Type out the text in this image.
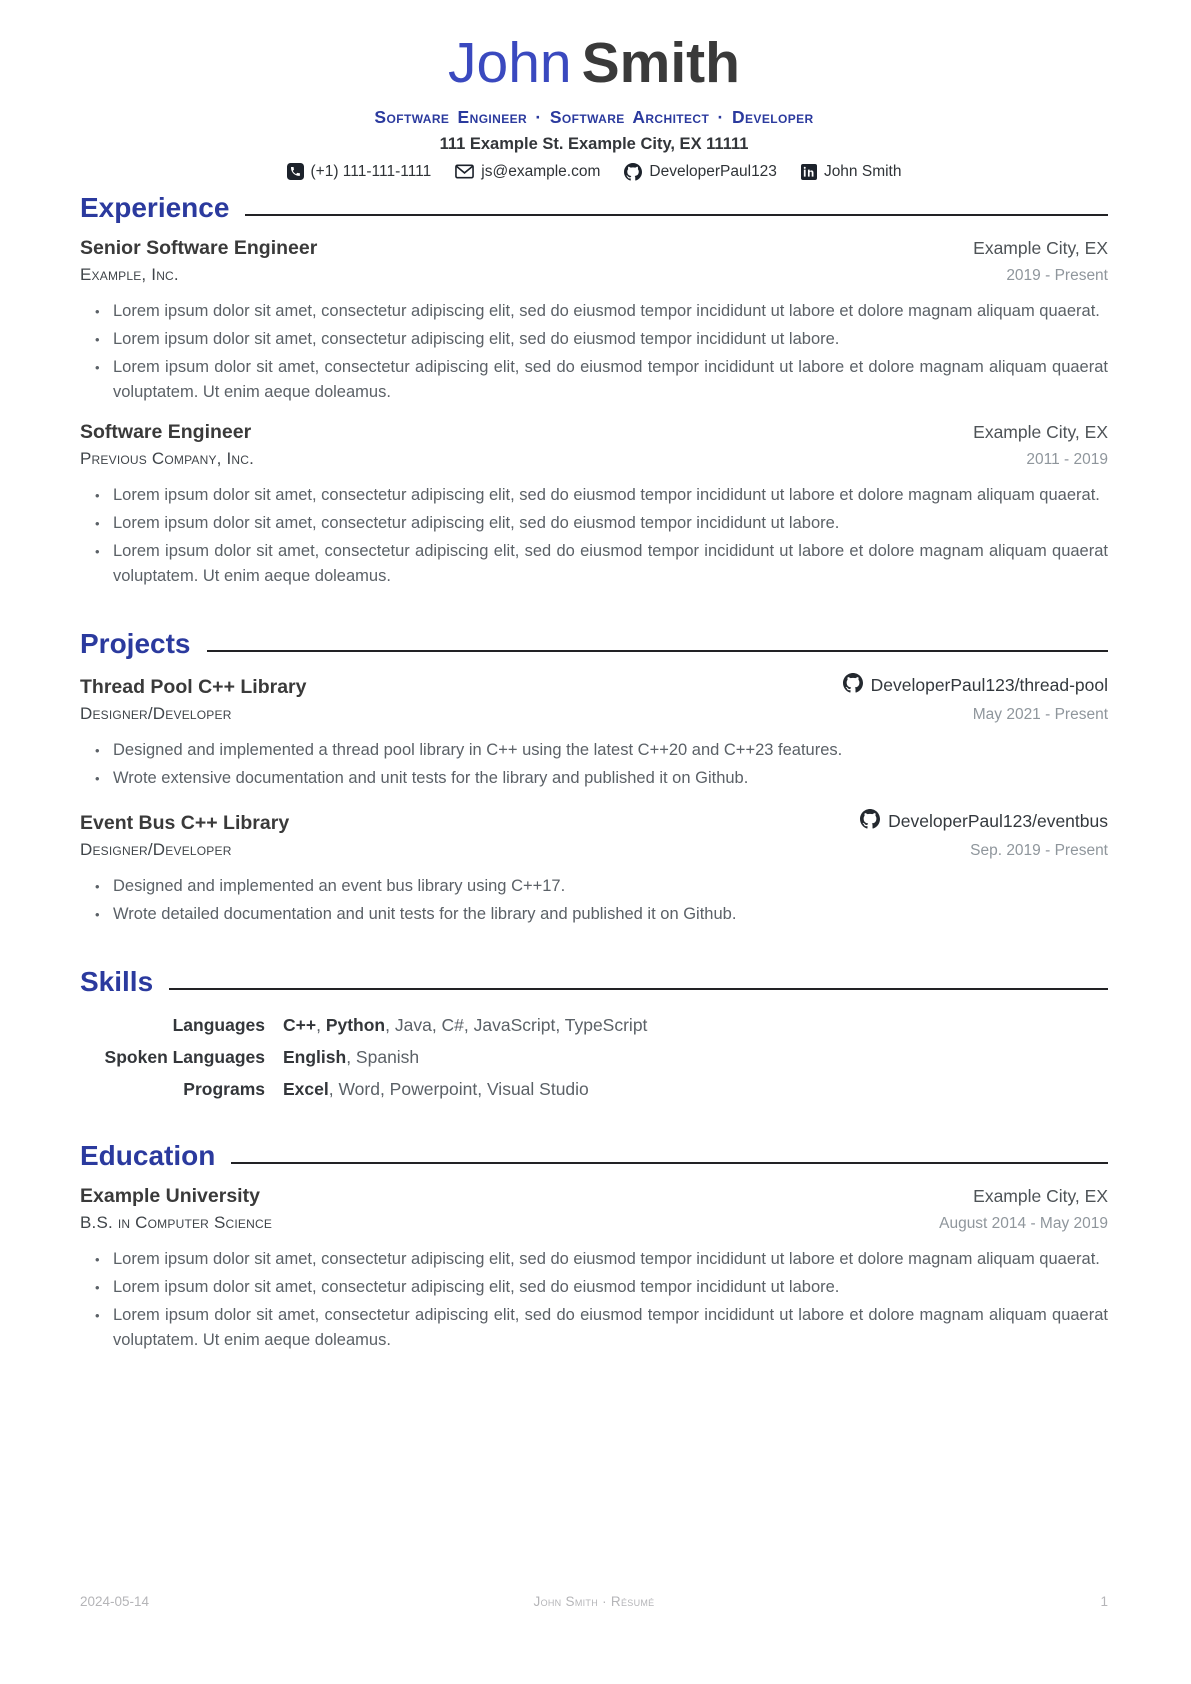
John Smith
Software Engineer · Software Architect · Developer
111 Example St. Example City, EX 11111
(+1) 111-111-1111	js@example.com	DeveloperPaul123	John Smith
Experience
Senior Software Engineer	Example City, EX
Example, Inc.	2019 - Present
• Lorem ipsum dolor sit amet, consectetur adipiscing elit, sed do eiusmod tempor incididunt ut labore et dolore magnam aliquam quaerat.
• Lorem ipsum dolor sit amet, consectetur adipiscing elit, sed do eiusmod tempor incididunt ut labore.
• Lorem ipsum dolor sit amet, consectetur adipiscing elit, sed do eiusmod tempor incididunt ut labore et dolore magnam aliquam quaerat voluptatem. Ut enim aeque doleamus.
Software Engineer	Example City, EX
Previous Company, Inc.	2011 - 2019
• Lorem ipsum dolor sit amet, consectetur adipiscing elit, sed do eiusmod tempor incididunt ut labore et dolore magnam aliquam quaerat.
• Lorem ipsum dolor sit amet, consectetur adipiscing elit, sed do eiusmod tempor incididunt ut labore.
• Lorem ipsum dolor sit amet, consectetur adipiscing elit, sed do eiusmod tempor incididunt ut labore et dolore magnam aliquam quaerat voluptatem. Ut enim aeque doleamus.
Projects
Thread Pool C++ Library	DeveloperPaul123/thread-pool
Designer/Developer	May 2021 - Present
• Designed and implemented a thread pool library in C++ using the latest C++20 and C++23 features.
• Wrote extensive documentation and unit tests for the library and published it on Github.
Event Bus C++ Library	DeveloperPaul123/eventbus
Designer/Developer	Sep. 2019 - Present
• Designed and implemented an event bus library using C++17.
• Wrote detailed documentation and unit tests for the library and published it on Github.
Skills
Languages C++, Python, Java, C#, JavaScript, TypeScript
Spoken Languages English, Spanish
Programs Excel, Word, Powerpoint, Visual Studio
Education
Example University	Example City, EX
B.S. in Computer Science	August 2014 - May 2019
• Lorem ipsum dolor sit amet, consectetur adipiscing elit, sed do eiusmod tempor incididunt ut labore et dolore magnam aliquam quaerat.
• Lorem ipsum dolor sit amet, consectetur adipiscing elit, sed do eiusmod tempor incididunt ut labore.
• Lorem ipsum dolor sit amet, consectetur adipiscing elit, sed do eiusmod tempor incididunt ut labore et dolore magnam aliquam quaerat voluptatem. Ut enim aeque doleamus.
2024-05-14	John Smith · Résumé	1
